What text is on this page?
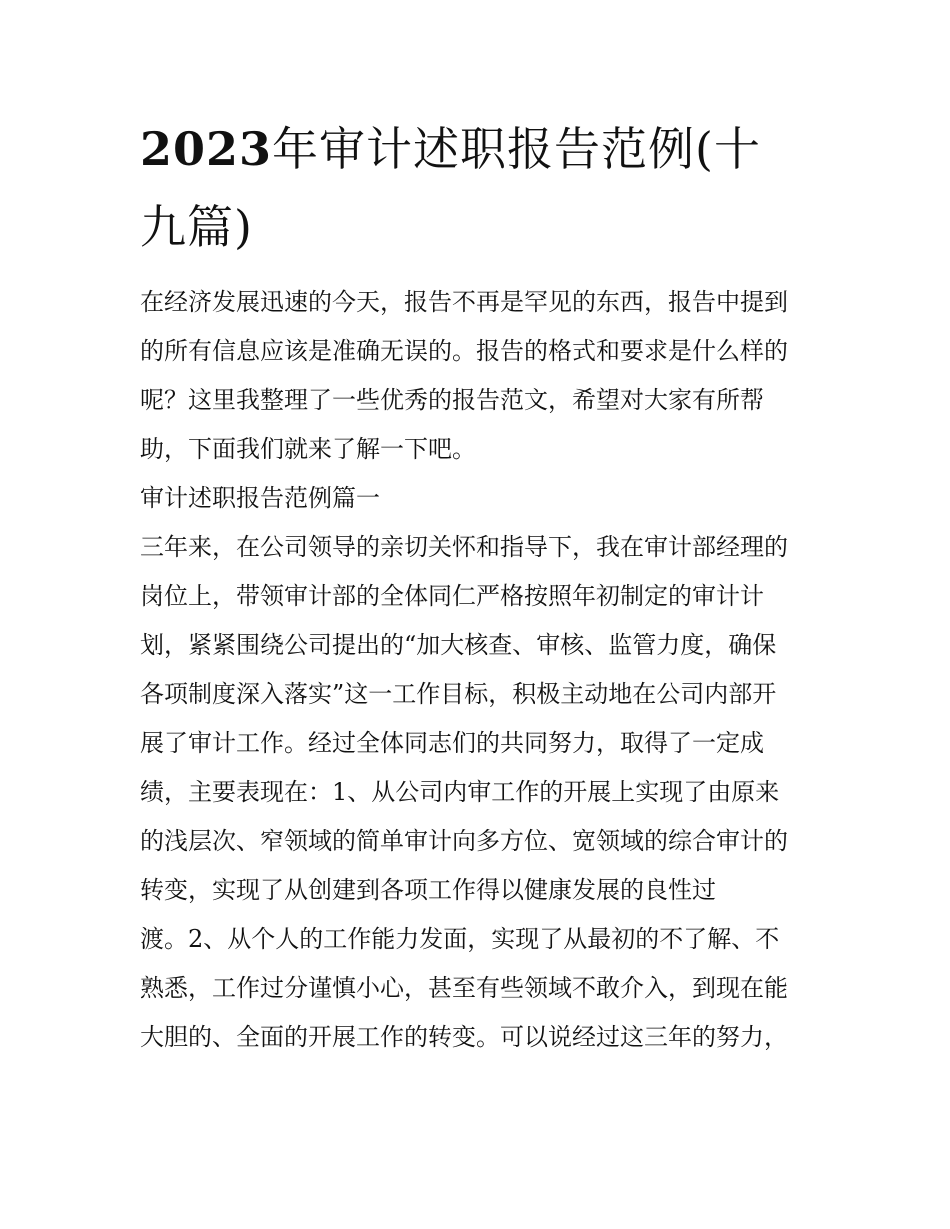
2023年审计述职报告范例(十
九篇)

在经济发展迅速的今天，报告不再是罕见的东西，报告中提到

的所有信息应该是准确无误的。报告的格式和要求是什么样的

呢？这里我整理了一些优秀的报告范文，希望对大家有所帮

助，下面我们就来了解一下吧。

审计述职报告范例篇一

三年来，在公司领导的亲切关怀和指导下，我在审计部经理的

岗位上，带领审计部的全体同仁严格按照年初制定的审计计

划，紧紧围绕公司提出的“加大核查、审核、监管力度，确保

各项制度深入落实”这一工作目标，积极主动地在公司内部开

展了审计工作。经过全体同志们的共同努力，取得了一定成

绩，主要表现在：1、从公司内审工作的开展上实现了由原来

的浅层次、窄领域的简单审计向多方位、宽领域的综合审计的

转变，实现了从创建到各项工作得以健康发展的良性过

渡。2、从个人的工作能力发面，实现了从最初的不了解、不

熟悉，工作过分谨慎小心，甚至有些领域不敢介入，到现在能

大胆的、全面的开展工作的转变。可以说经过这三年的努力，
